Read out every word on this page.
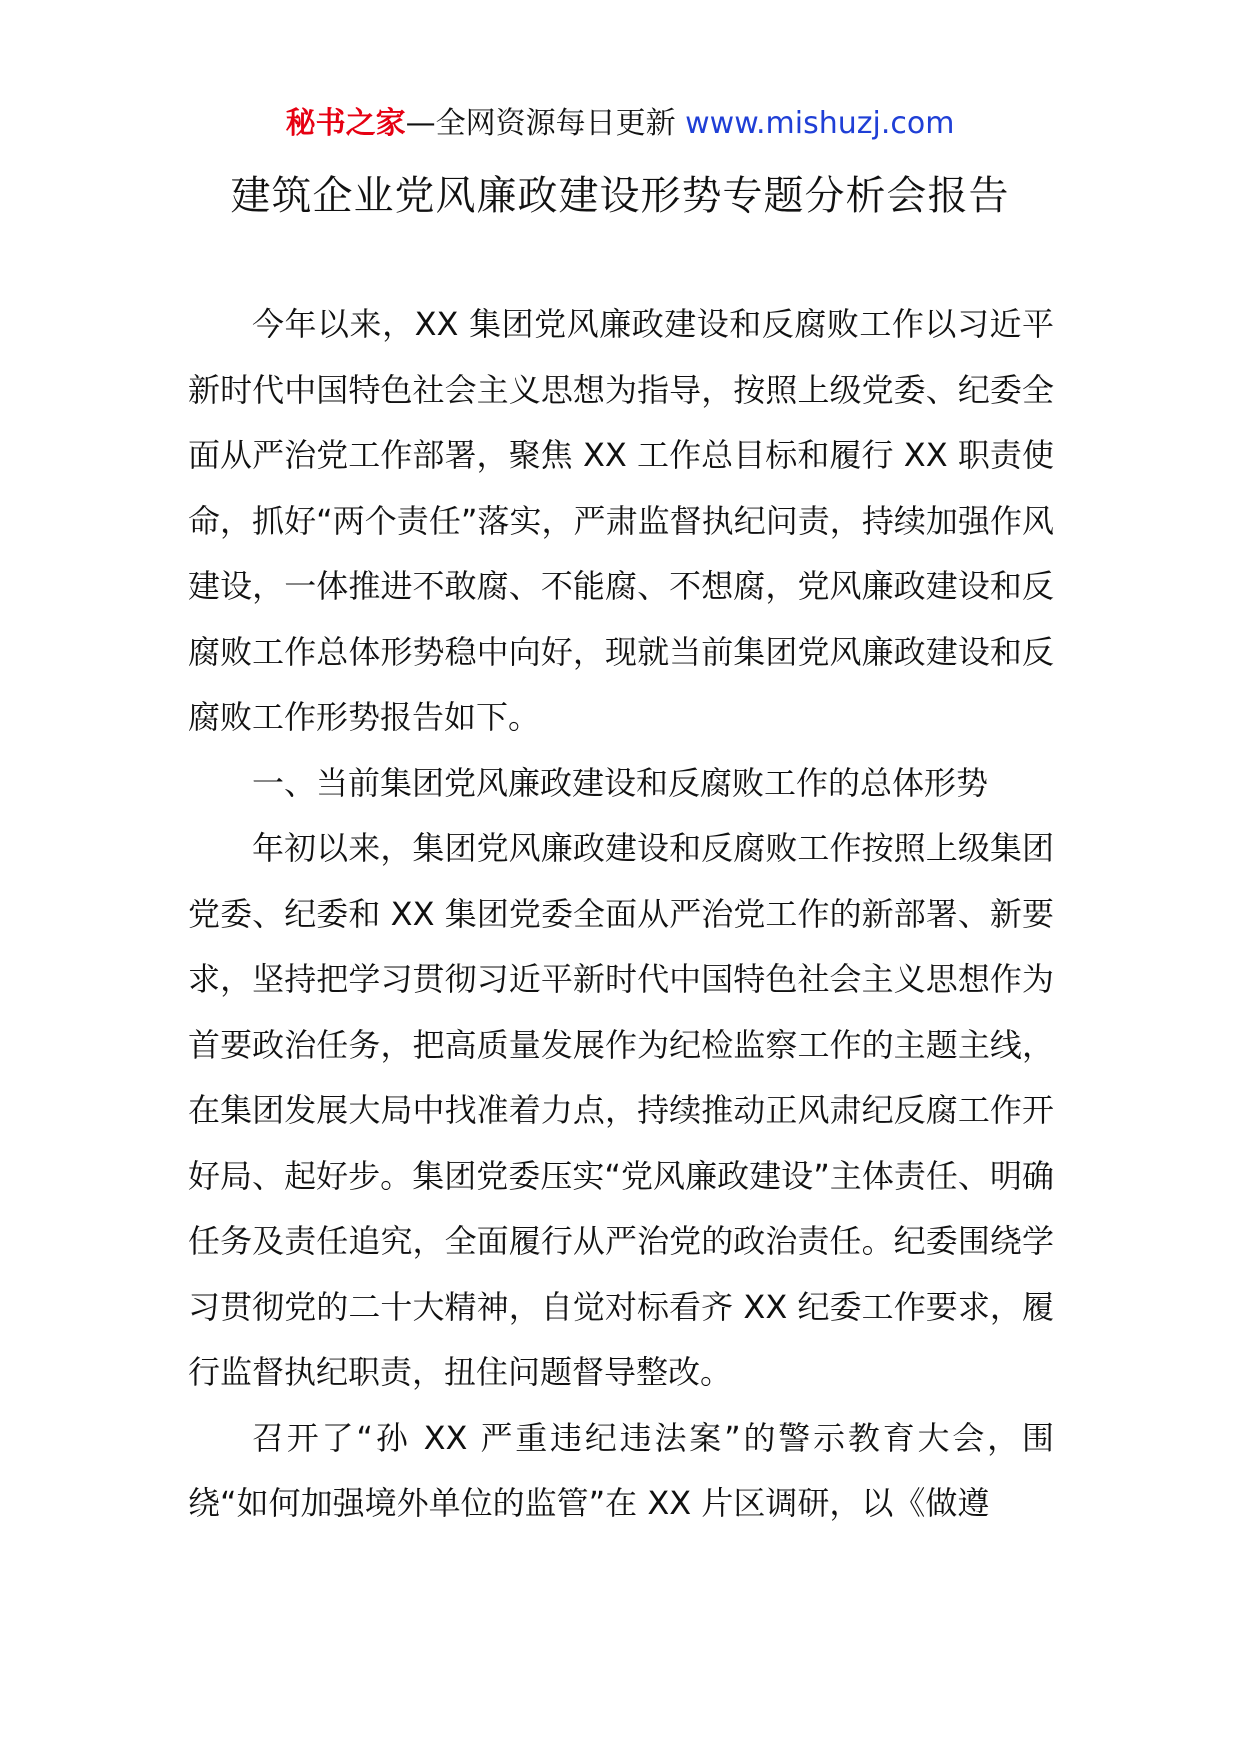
秘书之家—全网资源每日更新 www.mishuzj.com
建筑企业党风廉政建设形势专题分析会报告

今年以来，XX 集团党风廉政建设和反腐败工作以习近平新时代中国特色社会主义思想为指导，按照上级党委、纪委全面从严治党工作部署，聚焦 XX 工作总目标和履行 XX 职责使命，抓好“两个责任”落实，严肃监督执纪问责，持续加强作风建设，一体推进不敢腐、不能腐、不想腐，党风廉政建设和反腐败工作总体形势稳中向好，现就当前集团党风廉政建设和反腐败工作形势报告如下。

一、当前集团党风廉政建设和反腐败工作的总体形势

年初以来，集团党风廉政建设和反腐败工作按照上级集团党委、纪委和 XX 集团党委全面从严治党工作的新部署、新要求，坚持把学习贯彻习近平新时代中国特色社会主义思想作为首要政治任务，把高质量发展作为纪检监察工作的主题主线，在集团发展大局中找准着力点，持续推动正风肃纪反腐工作开好局、起好步。集团党委压实“党风廉政建设”主体责任、明确任务及责任追究，全面履行从严治党的政治责任。纪委围绕学习贯彻党的二十大精神，自觉对标看齐 XX 纪委工作要求，履行监督执纪职责，扭住问题督导整改。

召开了“孙 XX 严重违纪违法案”的警示教育大会，围绕“如何加强境外单位的监管”在 XX 片区调研，以《做遵
